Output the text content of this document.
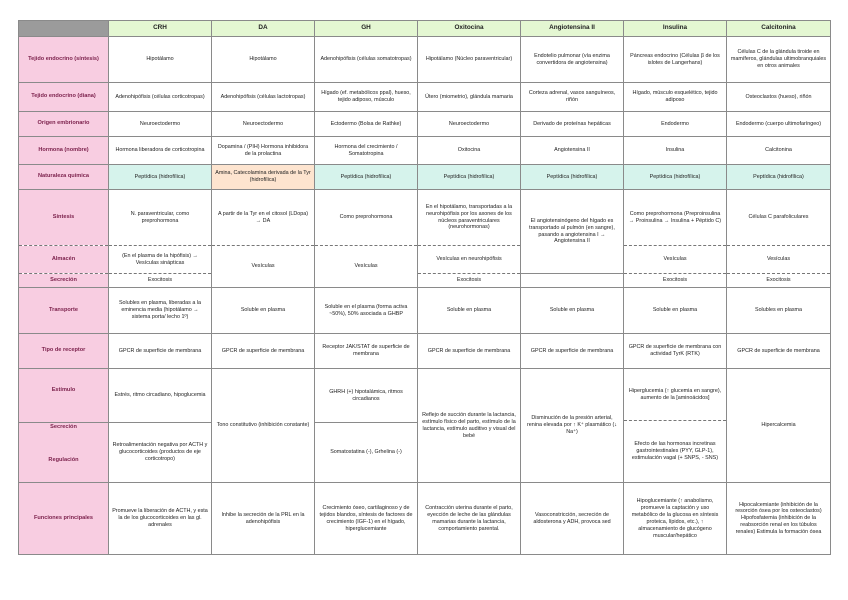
	CRH	DA	GH	Oxitocina	Angiotensina II	Insulina	Calcitonina
Tejido endocrino (síntesis)	Hipotálamo	Hipotálamo	Adenohipófisis (células somatotropas)	Hipotálamo (Núcleo paraventricular)	Endotelio pulmonar (vía enzima convertidora de angiotensina)	Páncreas endocrino (Células β de los islotes de Langerhans)	Células C de la glándula tiroide en mamíferos, glándulas ultimobranquiales en otros animales
Tejido endocrino (diana)	Adenohipófisis (células corticotropas)	Adenohipófisis (células lactotropas)	Hígado (ef. metabólicos ppal), hueso, tejido adiposo, músculo	Útero (miometrio), glándula mamaria	Corteza adrenal, vasos sanguíneos, riñón	Hígado, músculo esquelético, tejido adiposo	Osteoclastos (hueso), riñón
Origen embrionario	Neuroectodermo	Neuroectodermo	Ectodermo (Bolsa de Rathke)	Neuroectodermo	Derivado de proteínas hepáticas	Endodermo	Endodermo (cuerpo ultimofaríngeo)
Hormona (nombre)	Hormona liberadora de corticotropina	Dopamina / (PIH) Hormona inhibidora de la prolactina	Hormona del crecimiento / Somatotropina	Oxitocina	Angiotensina II	Insulina	Calcitonina
Naturaleza química	Peptídica (hidrofílica)	Amina, Catecolamina derivada de la Tyr (hidrofílica)	Peptídica (hidrofílica)	Peptídica (hidrofílica)	Peptídica (hidrofílica)	Peptídica (hidrofílica)	Peptídica (hidrofílica)
Síntesis	N. paraventricular, como preprohormona	A partir de la Tyr en el citosol (LDopa) → DA	Como preprohormona	En el hipotálamo, transportadas a la neurohipófisis por los axones de los núcleos paraventriculares (neurohormonas)	El angiotensinógeno del hígado es transportado al pulmón (en sangre), pasando a angiotensina I → Angiotensina II	Como preprohormona (Preproinsulina → Proinsulina → Insulina + Péptido C)	Células C parafoliculares
Almacén	(En el plasma de la hipófisis) → Vesículas sinápticas	Vesículas	Vesículas	Vesículas en neurohipófisis		Vesículas	Vesículas
Secreción	Exocitosis			Exocitosis		Exocitosis	Exocitosis
Transporte	Solubles en plasma, liberadas a la eminencia media (hipotálamo → sistema porta/ lecho 1º)	Soluble en plasma	Soluble en el plasma (forma activa ~50%), 50% asociada a GHBP	Soluble en plasma	Soluble en plasma	Soluble en plasma	Solubles en plasma
Tipo de receptor	GPCR de superficie de membrana	GPCR de superficie de membrana	Receptor JAK/STAT de superficie de membrana	GPCR de superficie de membrana	GPCR de superficie de membrana	GPCR de superficie de membrana con actividad TyrK (RTK)	GPCR de superficie de membrana
Estímulo	Estrés, ritmo circadiano, hipoglucemia	Tono constitutivo (inhibición constante)	GHRH (+) hipotalámica, ritmos circadianos	Reflejo de succión durante la lactancia, estímulo físico del parto, estímulo de la lactancia, estímulo auditivo y visual del bebé	Disminución de la presión arterial, renina elevada por ↑ K⁺ plasmático (↓ Na⁺)	Hiperglucemia (↑ glucemia en sangre), aumento de la [aminoácidos]	Hipercalcemia
						Efecto de las hormonas incretinas gastrointestinales (PYY, GLP-1), estimulación vagal (+ SNPS, - SNS)	

Secreción
Regulación	Retroalimentación negativa por ACTH y glucocorticoides (productos de eje corticotropo)		Somatostatina (-), Grhelina (-)				
Funciones principales	Promueve la liberación de ACTH, y esta la de los glucocorticoides en las gl. adrenales	Inhibe la secreción de la PRL en la adenohipófisis	Crecimiento óseo, cartilaginoso y de tejidos blandos, síntesis de factores de crecimiento (IGF-1) en el hígado, hiperglucemiante	Contracción uterina durante el parto, eyección de leche de las glándulas mamarias durante la lactancia, comportamiento parental.	Vasoconstricción, secreción de aldosterona y ADH, provoca sed	Hipoglucemiante (↑ anabolismo, promueve la captación y uso metabólico de la glucosa en síntesis proteica, lípidos, etc.), ↑ almacenamiento de glucógeno muscular/hepático	Hipocalcemiante (inhibición de la resorción ósea por los osteoclastos) Hipofosfatemia (inhibición de la reabsorción renal en los túbulos renales) Estimula la formación ósea
